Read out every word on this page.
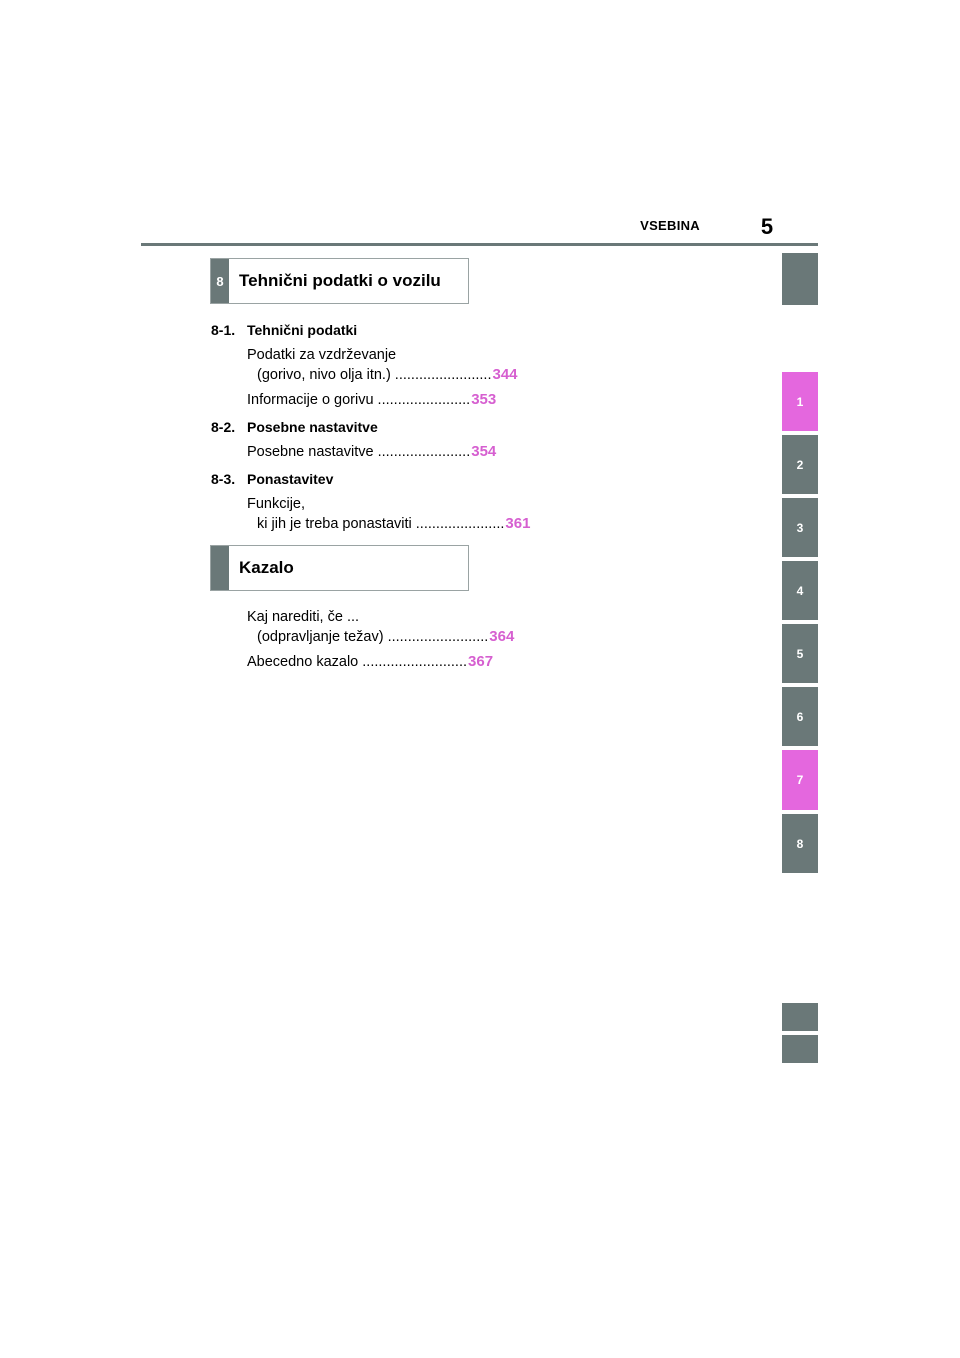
VSEBINA	5
8 Tehnični podatki o vozilu
8-1. Tehnični podatki
Podatki za vzdrževanje
(gorivo, nivo olja itn.) ........................ 344
Informacije o gorivu ....................... 353
8-2. Posebne nastavitve
Posebne nastavitve ....................... 354
8-3. Ponastavitev
Funkcije,
ki jih je treba ponastaviti ...................... 361
Kazalo
Kaj narediti, če ...
(odpravljanje težav) ......................... 364
Abecedno kazalo .......................... 367
1
2
3
4
5
6
7
8
